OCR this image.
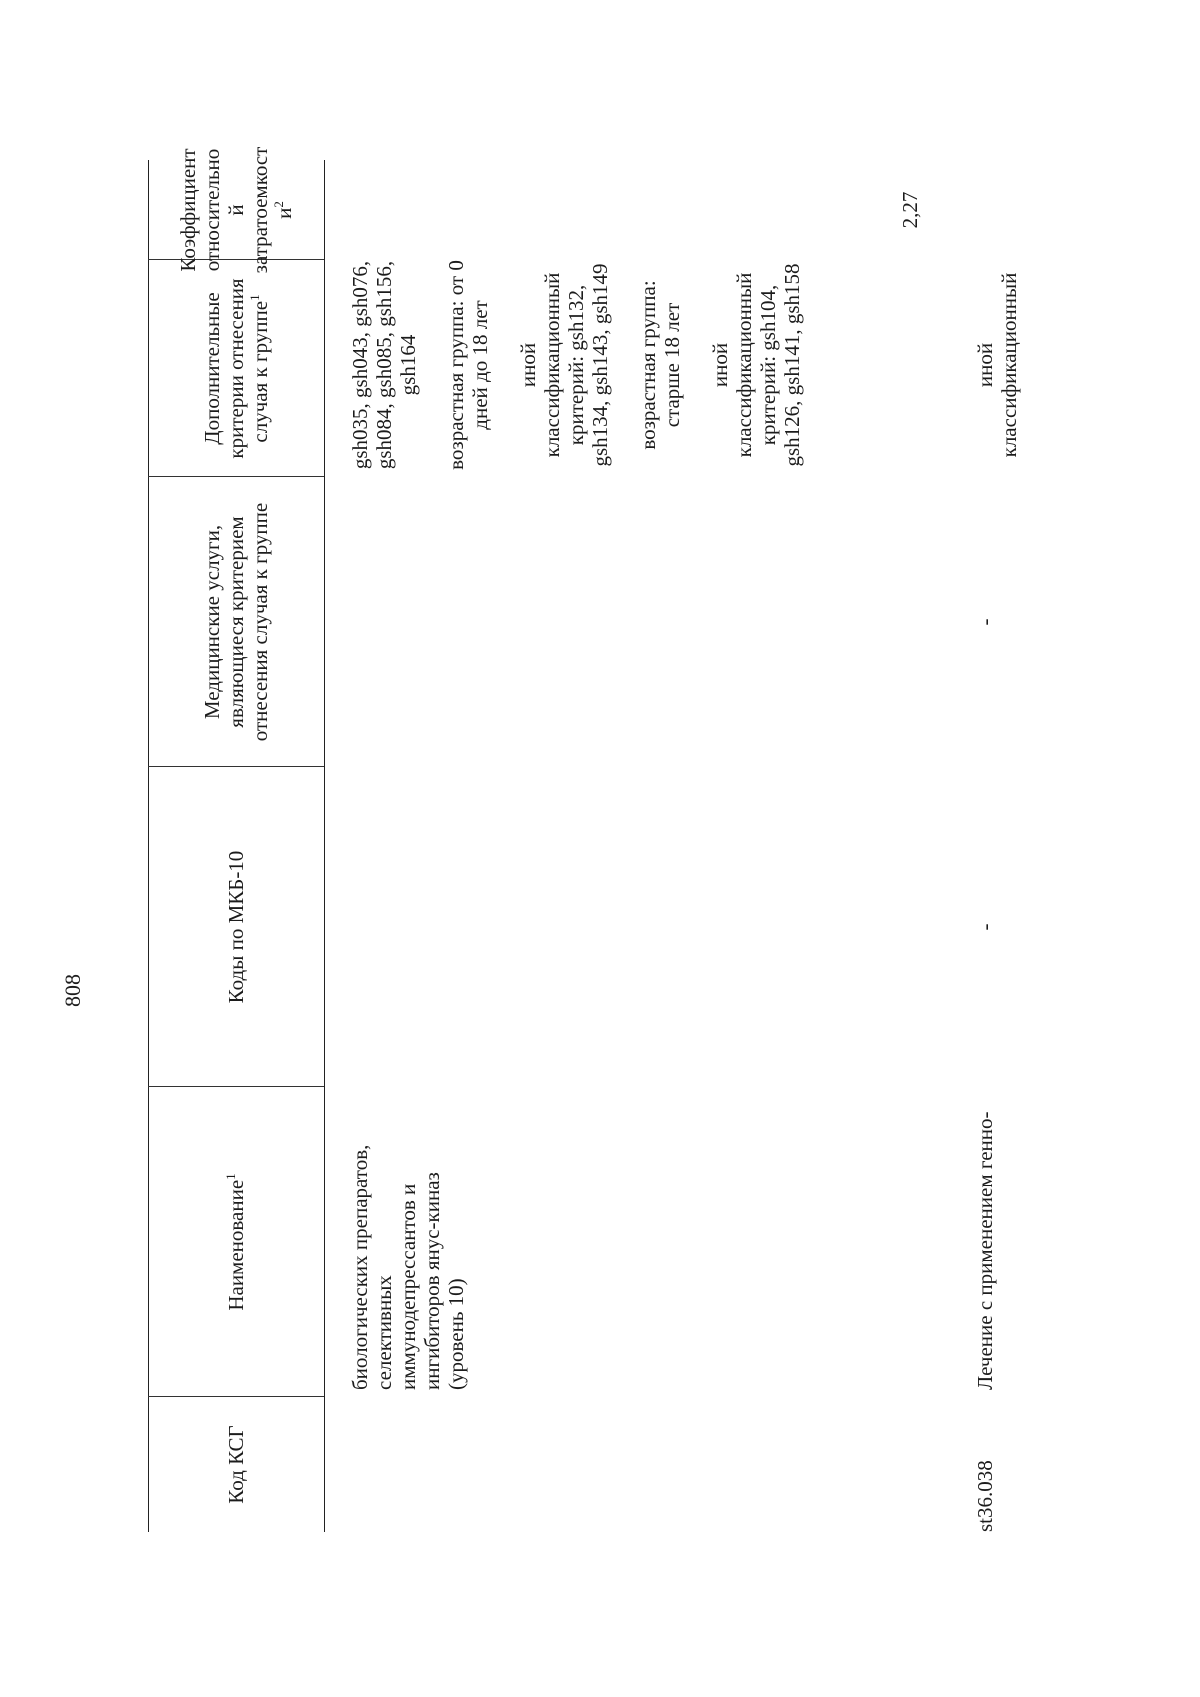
808
Код КСГ
Наименование$^1$
Коды по МКБ-10
Медицинские услуги, являющиеся критерием отнесения случая к группе
Дополнительные критерии отнесения случая к группе$^1$
Коэффициент относительно й затратоемкост $и^2$
биологических препаратов, селективных иммунодепрессантов и ингибиторов янус-киназ (уровень 10)
gsh035, gsh043, gsh076, gsh084, gsh085, gsh156, gsh164 возрастная группа: от 0 дней до 18 лет иной классификационный критерий: gsh132, gsh134, gsh143, gsh149 возрастная группа: старше 18 лет иной классификационный критерий: gsh104, gsh126, gsh141, gsh158
st36.038
Лечение с применением генно-
-
-
иной классификационный
2,27
